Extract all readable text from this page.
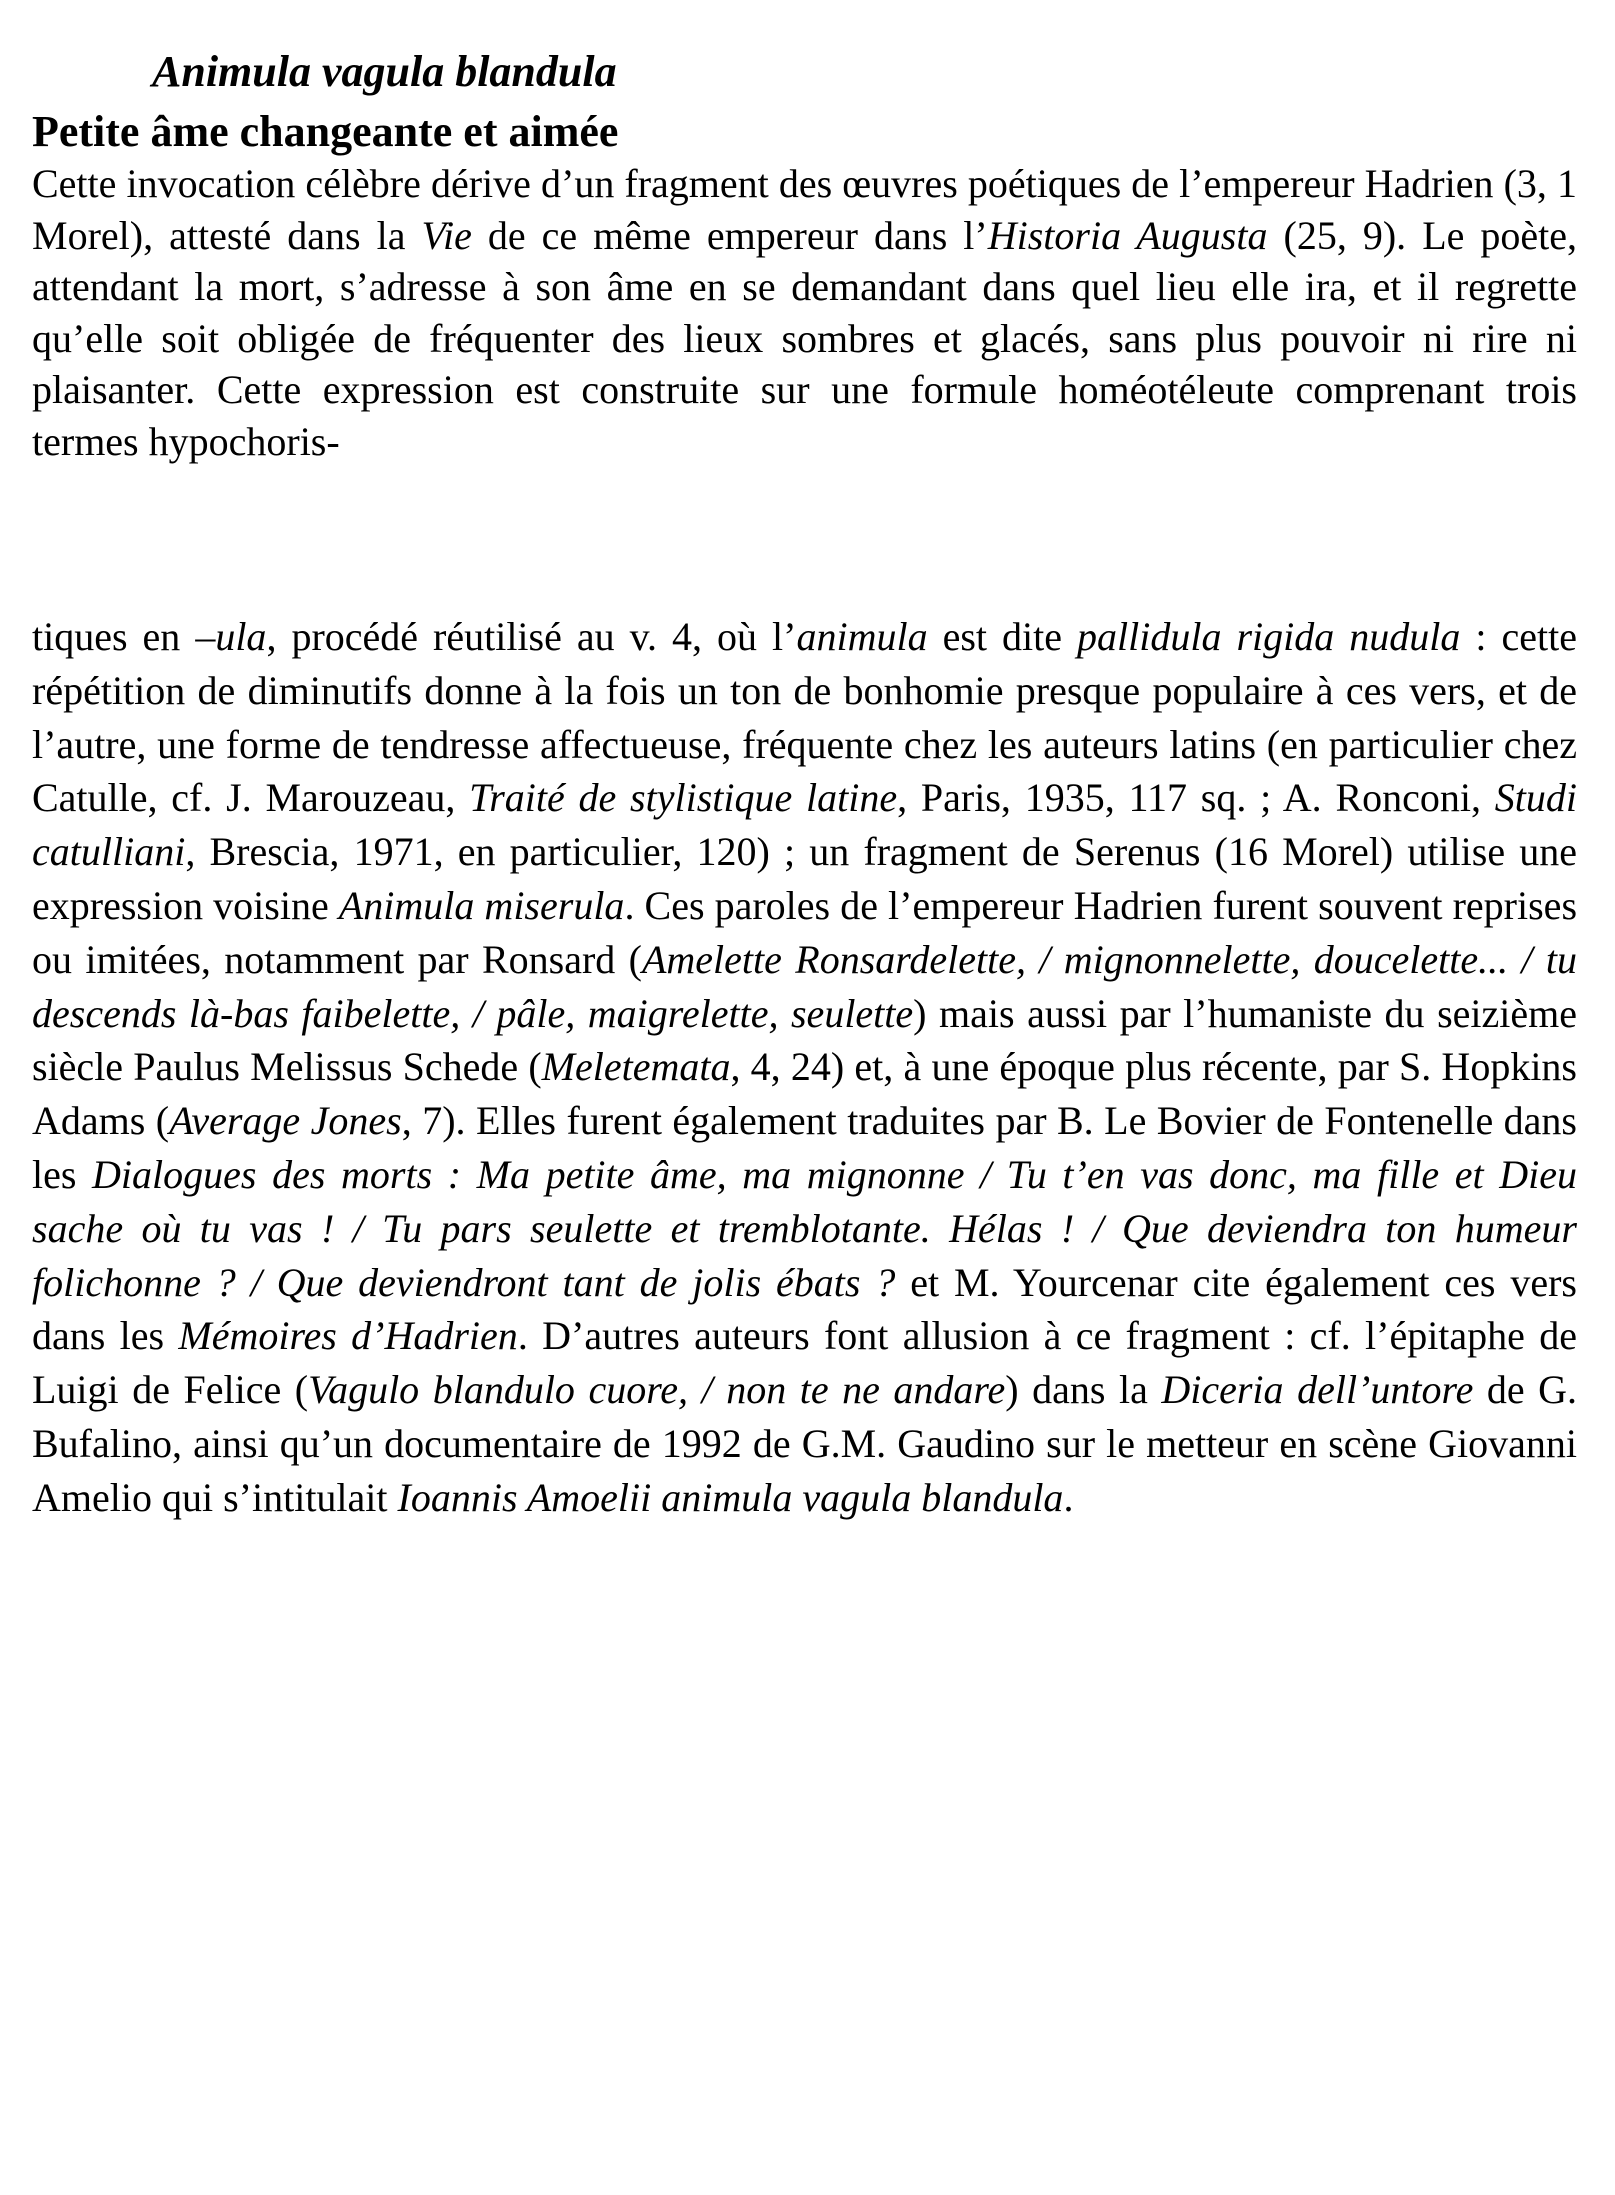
Animula vagula blandula
Petite âme changeante et aimée

Cette invocation célèbre dérive d’un fragment des œuvres poétiques de l’empereur Hadrien (3, 1 Morel), attesté dans la Vie de ce même empereur dans l’Historia Augusta (25, 9). Le poète, attendant la mort, s’adresse à son âme en se demandant dans quel lieu elle ira, et il regrette qu’elle soit obligée de fréquenter des lieux sombres et glacés, sans plus pouvoir ni rire ni plaisanter. Cette expression est construite sur une formule homéotéleute comprenant trois termes hypochoris-

tiques en –ula, procédé réutilisé au v. 4, où l’animula est dite pallidula rigida nudula : cette répétition de diminutifs donne à la fois un ton de bonhomie presque populaire à ces vers, et de l’autre, une forme de tendresse affectueuse, fréquente chez les auteurs latins (en particulier chez Catulle, cf. J. Marouzeau, Traité de stylistique latine, Paris, 1935, 117 sq. ; A. Ronconi, Studi catulliani, Brescia, 1971, en particulier, 120) ; un fragment de Serenus (16 Morel) utilise une expression voisine Animula miserula. Ces paroles de l’empereur Hadrien furent souvent reprises ou imitées, notamment par Ronsard (Amelette Ronsardelette, / mignonnelette, doucelette... / tu descends là-bas faibelette, / pâle, maigrelette, seulette) mais aussi par l’humaniste du seizième siècle Paulus Melissus Schede (Meletemata, 4, 24) et, à une époque plus récente, par S. Hopkins Adams (Average Jones, 7). Elles furent également traduites par B. Le Bovier de Fontenelle dans les Dialogues des morts : Ma petite âme, ma mignonne / Tu t’en vas donc, ma fille et Dieu sache où tu vas ! / Tu pars seulette et tremblotante. Hélas ! / Que deviendra ton humeur folichonne ? / Que deviendront tant de jolis ébats ? et M. Yourcenar cite également ces vers dans les Mémoires d’Hadrien. D’autres auteurs font allusion à ce fragment : cf. l’épitaphe de Luigi de Felice (Vagulo blandulo cuore, / non te ne andare) dans la Diceria dell’untore de G. Bufalino, ainsi qu’un documentaire de 1992 de G.M. Gaudino sur le metteur en scène Giovanni Amelio qui s’intitulait Ioannis Amoelii animula vagula blandula.
